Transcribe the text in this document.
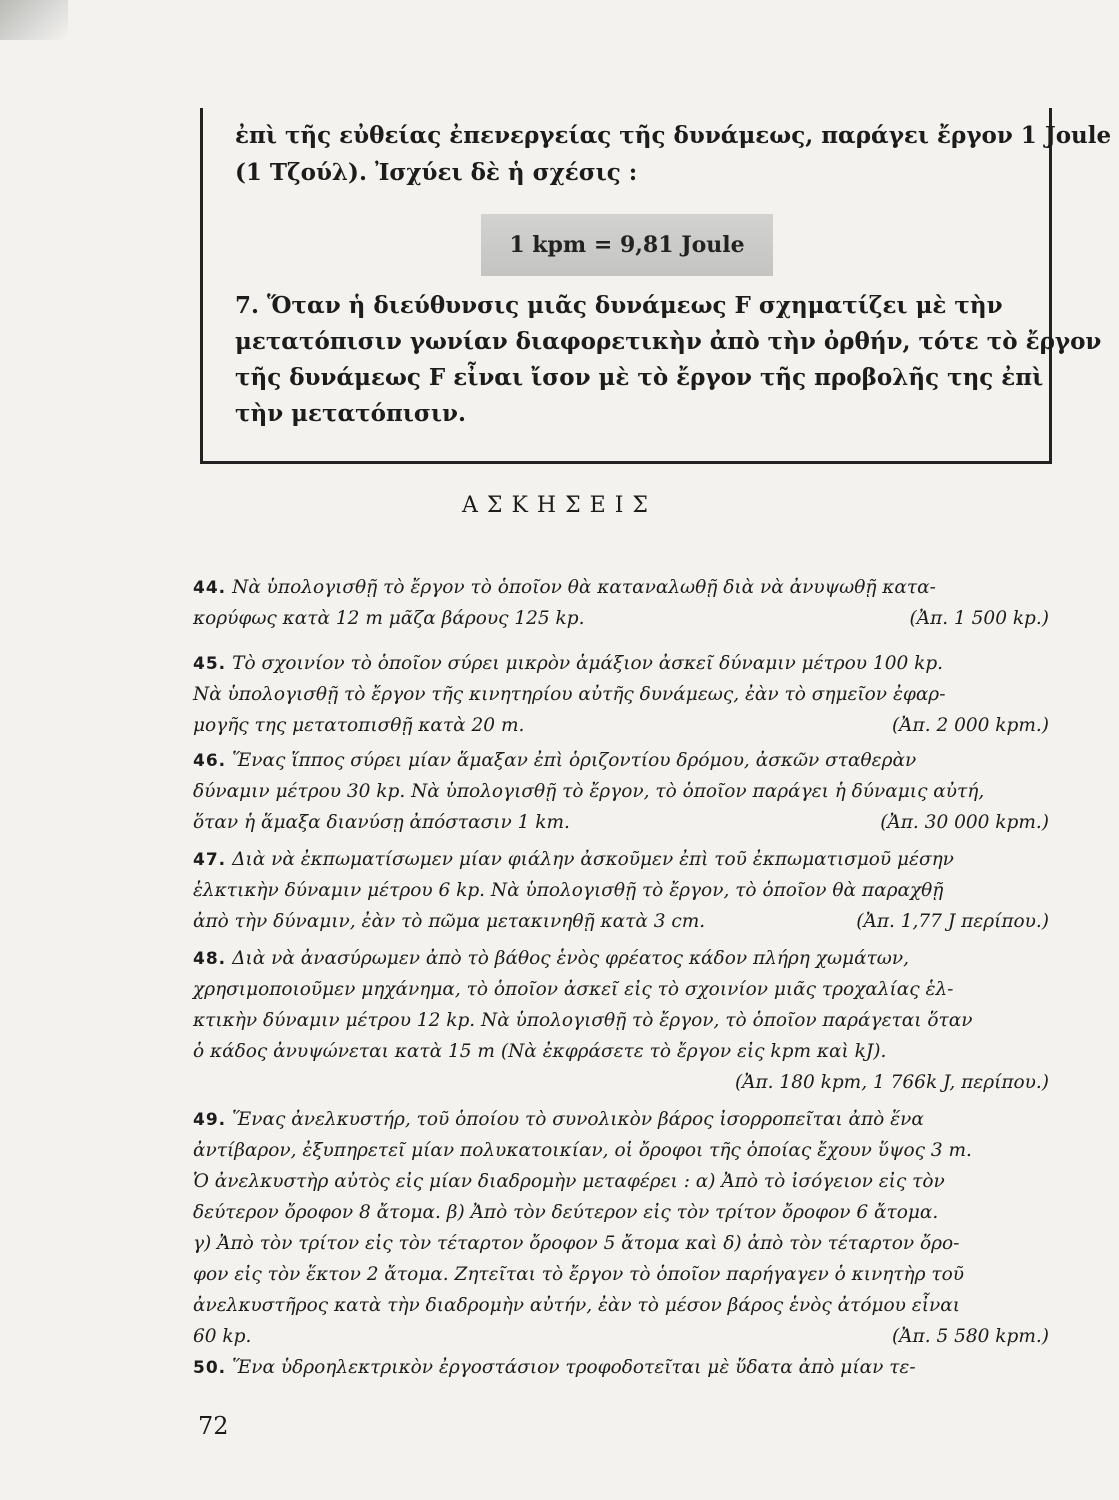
ἐπὶ τῆς εὐθείας ἐπενεργείας τῆς δυνάμεως, παράγει ἔργον 1 Joule
(1 Τζούλ). Ἰσχύει δὲ ἡ σχέσις :
1 kpm = 9,81 Joule
7. Ὅταν ἡ διεύθυνσις μιᾶς δυνάμεως F σχηματίζει μὲ τὴν
μετατόπισιν γωνίαν διαφορετικὴν ἀπὸ τὴν ὀρθήν, τότε τὸ ἔργον
τῆς δυνάμεως F εἶναι ἴσον μὲ τὸ ἔργον τῆς προβολῆς της ἐπὶ
τὴν μετατόπισιν.
ΑΣΚΗΣΕΙΣ
44. Νὰ ὑπολογισθῇ τὸ ἔργον τὸ ὁποῖον θὰ καταναλωθῇ διὰ νὰ ἀνυψωθῇ κατα-
κορύφως κατὰ 12 m μᾶζα βάρους 125 kp.	(Ἀπ. 1 500 kp.)
45. Τὸ σχοινίον τὸ ὁποῖον σύρει μικρὸν ἁμάξιον ἀσκεῖ δύναμιν μέτρου 100 kp.
Νὰ ὑπολογισθῇ τὸ ἔργον τῆς κινητηρίου αὐτῆς δυνάμεως, ἐὰν τὸ σημεῖον ἐφαρ-
μογῆς της μετατοπισθῇ κατὰ 20 m.	(Ἀπ. 2 000 kpm.)
46. Ἕνας ἵππος σύρει μίαν ἅμαξαν ἐπὶ ὁριζοντίου δρόμου, ἀσκῶν σταθερὰν
δύναμιν μέτρου 30 kp. Νὰ ὑπολογισθῇ τὸ ἔργον, τὸ ὁποῖον παράγει ἡ δύναμις αὐτή,
ὅταν ἡ ἅμαξα διανύσῃ ἀπόστασιν 1 km.	(Ἀπ. 30 000 kpm.)
47. Διὰ νὰ ἐκπωματίσωμεν μίαν φιάλην ἀσκοῦμεν ἐπὶ τοῦ ἐκπωματισμοῦ μέσην
ἑλκτικὴν δύναμιν μέτρου 6 kp. Νὰ ὑπολογισθῇ τὸ ἔργον, τὸ ὁποῖον θὰ παραχθῇ
ἀπὸ τὴν δύναμιν, ἐὰν τὸ πῶμα μετακινηθῇ κατὰ 3 cm.	(Ἀπ. 1,77 J περίπου.)
48. Διὰ νὰ ἀνασύρωμεν ἀπὸ τὸ βάθος ἑνὸς φρέατος κάδον πλήρη χωμάτων,
χρησιμοποιοῦμεν μηχάνημα, τὸ ὁποῖον ἀσκεῖ εἰς τὸ σχοινίον μιᾶς τροχαλίας ἑλ-
κτικὴν δύναμιν μέτρου 12 kp. Νὰ ὑπολογισθῇ τὸ ἔργον, τὸ ὁποῖον παράγεται ὅταν
ὁ κάδος ἀνυψώνεται κατὰ 15 m (Νὰ ἐκφράσετε τὸ ἔργον εἰς kpm καὶ kJ).
(Ἀπ. 180 kpm, 1 766k J, περίπου.)
49. Ἕνας ἀνελκυστήρ, τοῦ ὁποίου τὸ συνολικὸν βάρος ἰσορροπεῖται ἀπὸ ἕνα
ἀντίβαρον, ἐξυπηρετεῖ μίαν πολυκατοικίαν, οἱ ὄροφοι τῆς ὁποίας ἔχουν ὕψος 3 m.
Ὁ ἀνελκυστὴρ αὐτὸς εἰς μίαν διαδρομὴν μεταφέρει : α) Ἀπὸ τὸ ἰσόγειον εἰς τὸν
δεύτερον ὄροφον 8 ἄτομα. β) Ἀπὸ τὸν δεύτερον εἰς τὸν τρίτον ὄροφον 6 ἄτομα.
γ) Ἀπὸ τὸν τρίτον εἰς τὸν τέταρτον ὄροφον 5 ἄτομα καὶ δ) ἀπὸ τὸν τέταρτον ὄρο-
φον εἰς τὸν ἕκτον 2 ἄτομα. Ζητεῖται τὸ ἔργον τὸ ὁποῖον παρήγαγεν ὁ κινητὴρ τοῦ
ἀνελκυστῆρος κατὰ τὴν διαδρομὴν αὐτήν, ἐὰν τὸ μέσον βάρος ἑνὸς ἀτόμου εἶναι
60 kp.	(Ἀπ. 5 580 kpm.)
50. Ἕνα ὑδροηλεκτρικὸν ἐργοστάσιον τροφοδοτεῖται μὲ ὕδατα ἀπὸ μίαν τε-
72
